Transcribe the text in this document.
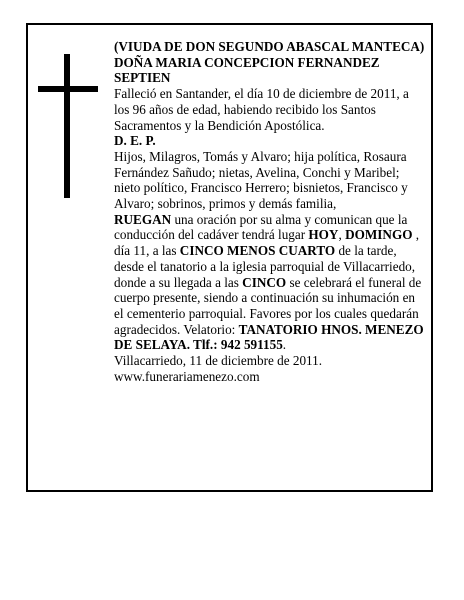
(VIUDA DE DON SEGUNDO ABASCAL MANTECA)

DOÑA MARIA CONCEPCION FERNANDEZ SEPTIEN

Falleció en Santander, el día 10 de diciembre de 2011, a los 96 años de edad, habiendo recibido los Santos Sacramentos y la Bendición Apostólica.

D. E. P.

Hijos, Milagros, Tomás y Alvaro; hija política, Rosaura Fernández Sañudo; nietas, Avelina, Conchi y Maribel; nieto político, Francisco Herrero; bisnietos, Francisco y Alvaro; sobrinos, primos y demás familia,

RUEGAN una oración por su alma y comunican que la conducción del cadáver tendrá lugar HOY, DOMINGO , día 11, a las CINCO MENOS CUARTO de la tarde, desde el tanatorio a la iglesia parroquial de Villacarriedo, donde a su llegada a las CINCO se celebrará el funeral de cuerpo presente, siendo a continuación su inhumación en el cementerio parroquial. Favores por los cuales quedarán agradecidos. Velatorio: TANATORIO HNOS. MENEZO DE SELAYA. Tlf.: 942 591155.

Villacarriedo, 11 de diciembre de 2011.

www.funerariamenezo.com
